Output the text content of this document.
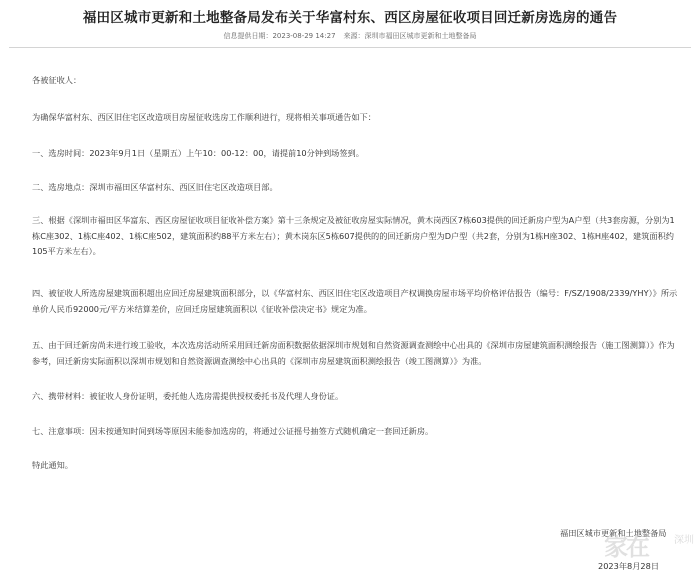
福田区城市更新和土地整备局发布关于华富村东、西区房屋征收项目回迁新房选房的通告
信息提供日期：2023-08-29 14:27 来源：深圳市福田区城市更新和土地整备局

各被征收人：

为确保华富村东、西区旧住宅区改造项目房屋征收选房工作顺利进行，现将相关事项通告如下：

一、选房时间：2023年9月1日（星期五）上午10：00-12：00，请提前10分钟到场签到。

二、选房地点：深圳市福田区华富村东、西区旧住宅区改造项目部。

三、根据《深圳市福田区华富东、西区房屋征收项目征收补偿方案》第十三条规定及被征收房屋实际情况，黄木岗西区7栋603提供的回迁新房户型为A户型（共3套房源，分别为1栋C座302、1栋C座402、1栋C座502，建筑面积约88平方米左右）；黄木岗东区5栋607提供的的回迁新房户型为D户型（共2套，分别为1栋H座302、1栋H座402，建筑面积约105平方米左右）。

四、被征收人所选房屋建筑面积超出应回迁房屋建筑面积部分，以《华富村东、西区旧住宅区改造项目产权调换房屋市场平均价格评估报告（编号：F/SZ/1908/2339/YHY）》所示单价人民币92000元/平方米结算差价，应回迁房屋建筑面积以《征收补偿决定书》规定为准。

五、由于回迁新房尚未进行竣工验收，本次选房活动所采用回迁新房面积数据依据深圳市规划和自然资源调查测绘中心出具的《深圳市房屋建筑面积测绘报告（施工图测算）》作为参考，回迁新房实际面积以深圳市规划和自然资源调查测绘中心出具的《深圳市房屋建筑面积测绘报告（竣工图测算）》为准。

六、携带材料：被征收人身份证明，委托他人选房需提供授权委托书及代理人身份证。

七、注意事项：因未按通知时间到场等原因未能参加选房的，将通过公证摇号抽签方式随机确定一套回迁新房。

特此通知。

福田区城市更新和土地整备局
2023年8月28日
家在	深圳
